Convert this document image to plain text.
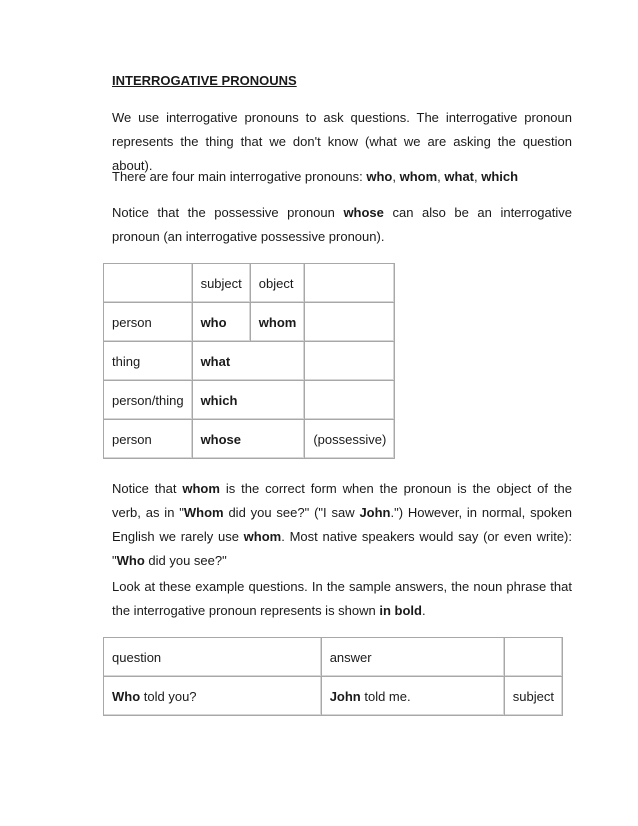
INTERROGATIVE PRONOUNS
We use interrogative pronouns to ask questions. The interrogative pronoun represents the thing that we don't know (what we are asking the question about).
There are four main interrogative pronouns: who, whom, what, which
Notice that the possessive pronoun whose can also be an interrogative pronoun (an interrogative possessive pronoun).
	subject	object	
person	who	whom	
thing	what		
person/thing	which		
person	whose		(possessive)
Notice that whom is the correct form when the pronoun is the object of the verb, as in "Whom did you see?" ("I saw John.") However, in normal, spoken English we rarely use whom. Most native speakers would say (or even write): "Who did you see?"
Look at these example questions. In the sample answers, the noun phrase that the interrogative pronoun represents is shown in bold.
question	answer	
Who told you?	John told me.	subject
